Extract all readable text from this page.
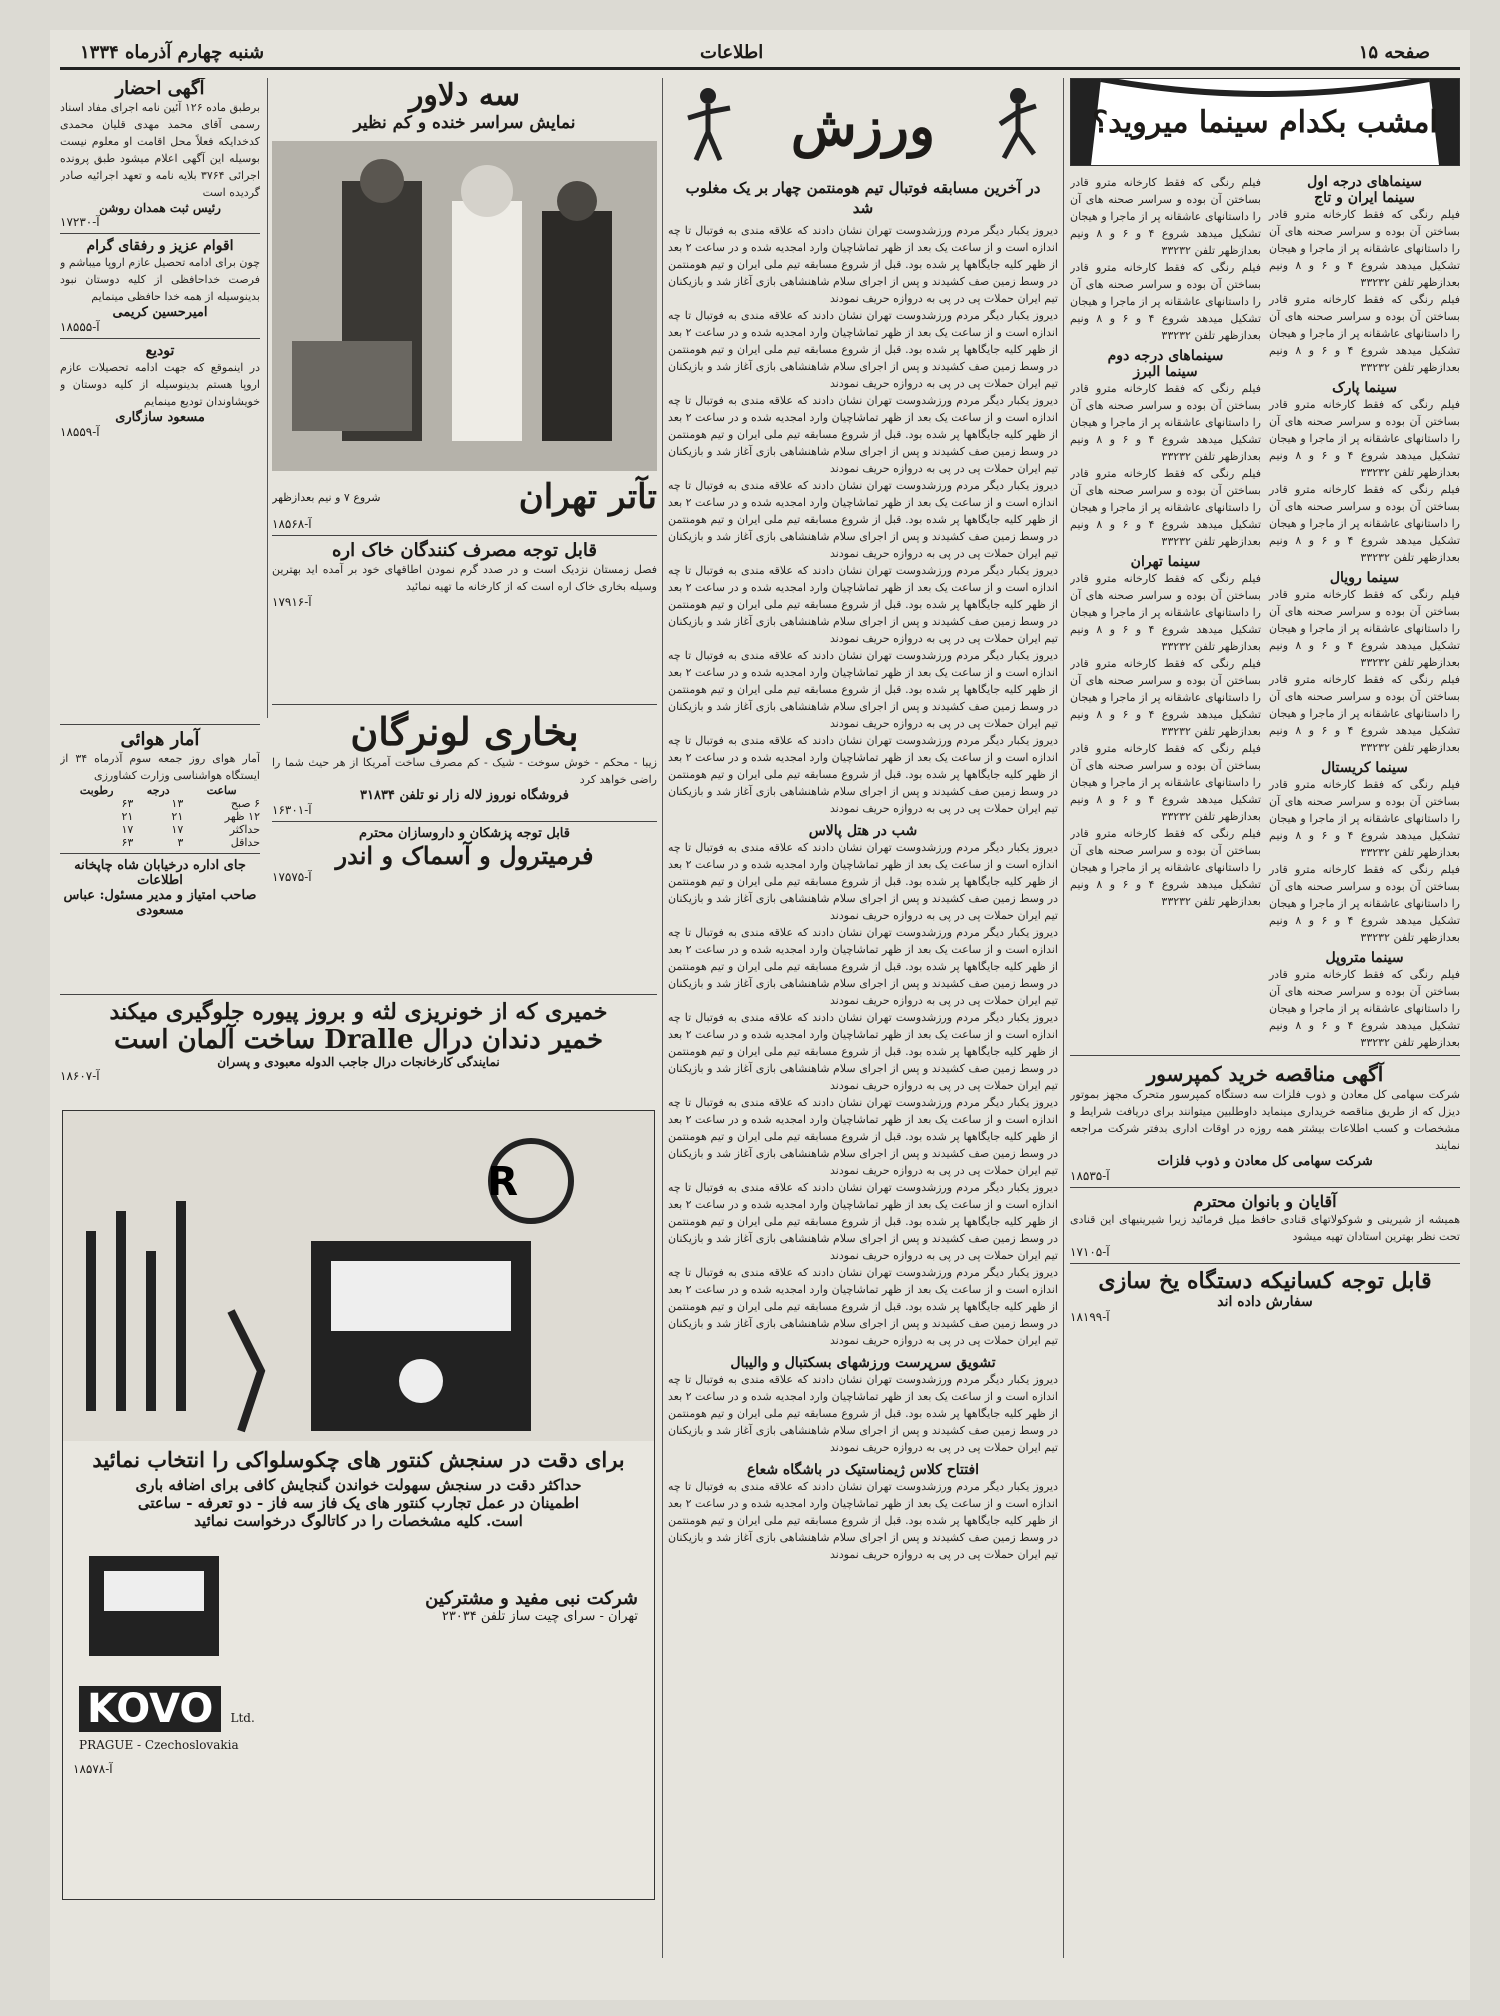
صفحه ۱۵
اطلاعات
شنبه چهارم آذرماه ۱۳۳۴
امشب بکدام سینما میروید؟
سینماهای درجه اول
سینما ایران و تاج

فیلم رنگی که فقط کارخانه مترو قادر بساختن آن بوده و سراسر صحنه های آن را داستانهای عاشقانه پر از ماجرا و هیجان تشکیل میدهد شروع ۴ و ۶ و ۸ ونیم بعدازظهر تلفن ۳۳۲۳۲

فیلم رنگی که فقط کارخانه مترو قادر بساختن آن بوده و سراسر صحنه های آن را داستانهای عاشقانه پر از ماجرا و هیجان تشکیل میدهد شروع ۴ و ۶ و ۸ ونیم بعدازظهر تلفن ۳۳۲۳۲

سینما پارک

فیلم رنگی که فقط کارخانه مترو قادر بساختن آن بوده و سراسر صحنه های آن را داستانهای عاشقانه پر از ماجرا و هیجان تشکیل میدهد شروع ۴ و ۶ و ۸ ونیم بعدازظهر تلفن ۳۳۲۳۲

فیلم رنگی که فقط کارخانه مترو قادر بساختن آن بوده و سراسر صحنه های آن را داستانهای عاشقانه پر از ماجرا و هیجان تشکیل میدهد شروع ۴ و ۶ و ۸ ونیم بعدازظهر تلفن ۳۳۲۳۲

سینما رویال

فیلم رنگی که فقط کارخانه مترو قادر بساختن آن بوده و سراسر صحنه های آن را داستانهای عاشقانه پر از ماجرا و هیجان تشکیل میدهد شروع ۴ و ۶ و ۸ ونیم بعدازظهر تلفن ۳۳۲۳۲

فیلم رنگی که فقط کارخانه مترو قادر بساختن آن بوده و سراسر صحنه های آن را داستانهای عاشقانه پر از ماجرا و هیجان تشکیل میدهد شروع ۴ و ۶ و ۸ ونیم بعدازظهر تلفن ۳۳۲۳۲

سینما کریستال

فیلم رنگی که فقط کارخانه مترو قادر بساختن آن بوده و سراسر صحنه های آن را داستانهای عاشقانه پر از ماجرا و هیجان تشکیل میدهد شروع ۴ و ۶ و ۸ ونیم بعدازظهر تلفن ۳۳۲۳۲

فیلم رنگی که فقط کارخانه مترو قادر بساختن آن بوده و سراسر صحنه های آن را داستانهای عاشقانه پر از ماجرا و هیجان تشکیل میدهد شروع ۴ و ۶ و ۸ ونیم بعدازظهر تلفن ۳۳۲۳۲

سینما متروپل

فیلم رنگی که فقط کارخانه مترو قادر بساختن آن بوده و سراسر صحنه های آن را داستانهای عاشقانه پر از ماجرا و هیجان تشکیل میدهد شروع ۴ و ۶ و ۸ ونیم بعدازظهر تلفن ۳۳۲۳۲

فیلم رنگی که فقط کارخانه مترو قادر بساختن آن بوده و سراسر صحنه های آن را داستانهای عاشقانه پر از ماجرا و هیجان تشکیل میدهد شروع ۴ و ۶ و ۸ ونیم بعدازظهر تلفن ۳۳۲۳۲

فیلم رنگی که فقط کارخانه مترو قادر بساختن آن بوده و سراسر صحنه های آن را داستانهای عاشقانه پر از ماجرا و هیجان تشکیل میدهد شروع ۴ و ۶ و ۸ ونیم بعدازظهر تلفن ۳۳۲۳۲

سینماهای درجه دوم
سینما البرز

فیلم رنگی که فقط کارخانه مترو قادر بساختن آن بوده و سراسر صحنه های آن را داستانهای عاشقانه پر از ماجرا و هیجان تشکیل میدهد شروع ۴ و ۶ و ۸ ونیم بعدازظهر تلفن ۳۳۲۳۲

فیلم رنگی که فقط کارخانه مترو قادر بساختن آن بوده و سراسر صحنه های آن را داستانهای عاشقانه پر از ماجرا و هیجان تشکیل میدهد شروع ۴ و ۶ و ۸ ونیم بعدازظهر تلفن ۳۳۲۳۲

سینما تهران

فیلم رنگی که فقط کارخانه مترو قادر بساختن آن بوده و سراسر صحنه های آن را داستانهای عاشقانه پر از ماجرا و هیجان تشکیل میدهد شروع ۴ و ۶ و ۸ ونیم بعدازظهر تلفن ۳۳۲۳۲

فیلم رنگی که فقط کارخانه مترو قادر بساختن آن بوده و سراسر صحنه های آن را داستانهای عاشقانه پر از ماجرا و هیجان تشکیل میدهد شروع ۴ و ۶ و ۸ ونیم بعدازظهر تلفن ۳۳۲۳۲

فیلم رنگی که فقط کارخانه مترو قادر بساختن آن بوده و سراسر صحنه های آن را داستانهای عاشقانه پر از ماجرا و هیجان تشکیل میدهد شروع ۴ و ۶ و ۸ ونیم بعدازظهر تلفن ۳۳۲۳۲

فیلم رنگی که فقط کارخانه مترو قادر بساختن آن بوده و سراسر صحنه های آن را داستانهای عاشقانه پر از ماجرا و هیجان تشکیل میدهد شروع ۴ و ۶ و ۸ ونیم بعدازظهر تلفن ۳۳۲۳۲

آگهی مناقصه خرید کمپرسور

شرکت سهامی کل معادن و ذوب فلزات سه دستگاه کمپرسور متحرک مجهز بموتور دیزل که از طریق مناقصه خریداری مینماید داوطلبین میتوانند برای دریافت شرایط و مشخصات و کسب اطلاعات بیشتر همه روزه در اوقات اداری بدفتر شرکت مراجعه نمایند

شرکت سهامی کل معادن و ذوب فلزات
آ-۱۸۵۳۵
آقایان و بانوان محترم

همیشه از شیرینی و شوکولاتهای قنادی حافظ میل فرمائید زیرا شیرینیهای این قنادی تحت نظر بهترین استادان تهیه میشود

آ-۱۷۱۰۵
قابل توجه کسانیکه دستگاه یخ سازی
سفارش داده اند
آ-۱۸۱۹۹
ورزش
در آخرین مسابقه فوتبال تیم هومنتمن چهار بر یک مغلوب شد

دیروز یکبار دیگر مردم ورزشدوست تهران نشان دادند که علاقه مندی به فوتبال تا چه اندازه است و از ساعت یک بعد از ظهر تماشاچیان وارد امجدیه شده و در ساعت ۲ بعد از ظهر کلیه جایگاهها پر شده بود. قبل از شروع مسابقه تیم ملی ایران و تیم هومنتمن در وسط زمین صف کشیدند و پس از اجرای سلام شاهنشاهی بازی آغاز شد و بازیکنان تیم ایران حملات پی در پی به دروازه حریف نمودند

دیروز یکبار دیگر مردم ورزشدوست تهران نشان دادند که علاقه مندی به فوتبال تا چه اندازه است و از ساعت یک بعد از ظهر تماشاچیان وارد امجدیه شده و در ساعت ۲ بعد از ظهر کلیه جایگاهها پر شده بود. قبل از شروع مسابقه تیم ملی ایران و تیم هومنتمن در وسط زمین صف کشیدند و پس از اجرای سلام شاهنشاهی بازی آغاز شد و بازیکنان تیم ایران حملات پی در پی به دروازه حریف نمودند

دیروز یکبار دیگر مردم ورزشدوست تهران نشان دادند که علاقه مندی به فوتبال تا چه اندازه است و از ساعت یک بعد از ظهر تماشاچیان وارد امجدیه شده و در ساعت ۲ بعد از ظهر کلیه جایگاهها پر شده بود. قبل از شروع مسابقه تیم ملی ایران و تیم هومنتمن در وسط زمین صف کشیدند و پس از اجرای سلام شاهنشاهی بازی آغاز شد و بازیکنان تیم ایران حملات پی در پی به دروازه حریف نمودند

دیروز یکبار دیگر مردم ورزشدوست تهران نشان دادند که علاقه مندی به فوتبال تا چه اندازه است و از ساعت یک بعد از ظهر تماشاچیان وارد امجدیه شده و در ساعت ۲ بعد از ظهر کلیه جایگاهها پر شده بود. قبل از شروع مسابقه تیم ملی ایران و تیم هومنتمن در وسط زمین صف کشیدند و پس از اجرای سلام شاهنشاهی بازی آغاز شد و بازیکنان تیم ایران حملات پی در پی به دروازه حریف نمودند

دیروز یکبار دیگر مردم ورزشدوست تهران نشان دادند که علاقه مندی به فوتبال تا چه اندازه است و از ساعت یک بعد از ظهر تماشاچیان وارد امجدیه شده و در ساعت ۲ بعد از ظهر کلیه جایگاهها پر شده بود. قبل از شروع مسابقه تیم ملی ایران و تیم هومنتمن در وسط زمین صف کشیدند و پس از اجرای سلام شاهنشاهی بازی آغاز شد و بازیکنان تیم ایران حملات پی در پی به دروازه حریف نمودند

دیروز یکبار دیگر مردم ورزشدوست تهران نشان دادند که علاقه مندی به فوتبال تا چه اندازه است و از ساعت یک بعد از ظهر تماشاچیان وارد امجدیه شده و در ساعت ۲ بعد از ظهر کلیه جایگاهها پر شده بود. قبل از شروع مسابقه تیم ملی ایران و تیم هومنتمن در وسط زمین صف کشیدند و پس از اجرای سلام شاهنشاهی بازی آغاز شد و بازیکنان تیم ایران حملات پی در پی به دروازه حریف نمودند

دیروز یکبار دیگر مردم ورزشدوست تهران نشان دادند که علاقه مندی به فوتبال تا چه اندازه است و از ساعت یک بعد از ظهر تماشاچیان وارد امجدیه شده و در ساعت ۲ بعد از ظهر کلیه جایگاهها پر شده بود. قبل از شروع مسابقه تیم ملی ایران و تیم هومنتمن در وسط زمین صف کشیدند و پس از اجرای سلام شاهنشاهی بازی آغاز شد و بازیکنان تیم ایران حملات پی در پی به دروازه حریف نمودند

شب در هتل پالاس

دیروز یکبار دیگر مردم ورزشدوست تهران نشان دادند که علاقه مندی به فوتبال تا چه اندازه است و از ساعت یک بعد از ظهر تماشاچیان وارد امجدیه شده و در ساعت ۲ بعد از ظهر کلیه جایگاهها پر شده بود. قبل از شروع مسابقه تیم ملی ایران و تیم هومنتمن در وسط زمین صف کشیدند و پس از اجرای سلام شاهنشاهی بازی آغاز شد و بازیکنان تیم ایران حملات پی در پی به دروازه حریف نمودند

دیروز یکبار دیگر مردم ورزشدوست تهران نشان دادند که علاقه مندی به فوتبال تا چه اندازه است و از ساعت یک بعد از ظهر تماشاچیان وارد امجدیه شده و در ساعت ۲ بعد از ظهر کلیه جایگاهها پر شده بود. قبل از شروع مسابقه تیم ملی ایران و تیم هومنتمن در وسط زمین صف کشیدند و پس از اجرای سلام شاهنشاهی بازی آغاز شد و بازیکنان تیم ایران حملات پی در پی به دروازه حریف نمودند

دیروز یکبار دیگر مردم ورزشدوست تهران نشان دادند که علاقه مندی به فوتبال تا چه اندازه است و از ساعت یک بعد از ظهر تماشاچیان وارد امجدیه شده و در ساعت ۲ بعد از ظهر کلیه جایگاهها پر شده بود. قبل از شروع مسابقه تیم ملی ایران و تیم هومنتمن در وسط زمین صف کشیدند و پس از اجرای سلام شاهنشاهی بازی آغاز شد و بازیکنان تیم ایران حملات پی در پی به دروازه حریف نمودند

دیروز یکبار دیگر مردم ورزشدوست تهران نشان دادند که علاقه مندی به فوتبال تا چه اندازه است و از ساعت یک بعد از ظهر تماشاچیان وارد امجدیه شده و در ساعت ۲ بعد از ظهر کلیه جایگاهها پر شده بود. قبل از شروع مسابقه تیم ملی ایران و تیم هومنتمن در وسط زمین صف کشیدند و پس از اجرای سلام شاهنشاهی بازی آغاز شد و بازیکنان تیم ایران حملات پی در پی به دروازه حریف نمودند

دیروز یکبار دیگر مردم ورزشدوست تهران نشان دادند که علاقه مندی به فوتبال تا چه اندازه است و از ساعت یک بعد از ظهر تماشاچیان وارد امجدیه شده و در ساعت ۲ بعد از ظهر کلیه جایگاهها پر شده بود. قبل از شروع مسابقه تیم ملی ایران و تیم هومنتمن در وسط زمین صف کشیدند و پس از اجرای سلام شاهنشاهی بازی آغاز شد و بازیکنان تیم ایران حملات پی در پی به دروازه حریف نمودند

دیروز یکبار دیگر مردم ورزشدوست تهران نشان دادند که علاقه مندی به فوتبال تا چه اندازه است و از ساعت یک بعد از ظهر تماشاچیان وارد امجدیه شده و در ساعت ۲ بعد از ظهر کلیه جایگاهها پر شده بود. قبل از شروع مسابقه تیم ملی ایران و تیم هومنتمن در وسط زمین صف کشیدند و پس از اجرای سلام شاهنشاهی بازی آغاز شد و بازیکنان تیم ایران حملات پی در پی به دروازه حریف نمودند

تشویق سرپرست ورزشهای بسکتبال و والیبال

دیروز یکبار دیگر مردم ورزشدوست تهران نشان دادند که علاقه مندی به فوتبال تا چه اندازه است و از ساعت یک بعد از ظهر تماشاچیان وارد امجدیه شده و در ساعت ۲ بعد از ظهر کلیه جایگاهها پر شده بود. قبل از شروع مسابقه تیم ملی ایران و تیم هومنتمن در وسط زمین صف کشیدند و پس از اجرای سلام شاهنشاهی بازی آغاز شد و بازیکنان تیم ایران حملات پی در پی به دروازه حریف نمودند

افتتاح کلاس ژیمناستیک در باشگاه شعاع

دیروز یکبار دیگر مردم ورزشدوست تهران نشان دادند که علاقه مندی به فوتبال تا چه اندازه است و از ساعت یک بعد از ظهر تماشاچیان وارد امجدیه شده و در ساعت ۲ بعد از ظهر کلیه جایگاهها پر شده بود. قبل از شروع مسابقه تیم ملی ایران و تیم هومنتمن در وسط زمین صف کشیدند و پس از اجرای سلام شاهنشاهی بازی آغاز شد و بازیکنان تیم ایران حملات پی در پی به دروازه حریف نمودند

سه دلاور
نمایش سراسر خنده و کم نظیر
تآتر تهران
شروع ۷ و نیم بعدازظهر
آ-۱۸۵۶۸
قابل توجه مصرف کنندگان خاک اره

فصل زمستان نزدیک است و در صدد گرم نمودن اطاقهای خود بر آمده اید بهترین وسیله بخاری خاک اره است که از کارخانه ما تهیه نمائید

آ-۱۷۹۱۶
آگهی احضار

برطبق ماده ۱۲۶ آئین نامه اجرای مفاد اسناد رسمی آقای محمد مهدی قلیان محمدی کدخدایکه فعلاً محل اقامت او معلوم نیست بوسیله این آگهی اعلام میشود طبق پرونده اجرائی ۳۷۶۴ بلایه نامه و تعهد اجرائیه صادر گردیده است

رئیس ثبت همدان روشن
آ-۱۷۲۳۰
اقوام عزیز و رفقای گرام

چون برای ادامه تحصیل عازم اروپا میباشم و فرصت خداحافظی از کلیه دوستان نبود بدینوسیله از همه خدا حافظی مینمایم

امیرحسین کریمی
آ-۱۸۵۵۵
تودیع

در اینموقع که جهت ادامه تحصیلات عازم اروپا هستم بدینوسیله از کلیه دوستان و خویشاوندان تودیع مینمایم

مسعود سازگاری
آ-۱۸۵۵۹
آمار هوائی

آمار هوای روز جمعه سوم آذرماه ۳۴ از ایستگاه هواشناسی وزارت کشاورزی

ساعت	درجه	رطوبت
۶ صبح	۱۳	۶۳
۱۲ ظهر	۲۱	۲۱
حداکثر	۱۷	۱۷
حداقل	۳	۶۳
جای اداره درخیابان شاه چاپخانه اطلاعات
صاحب امتیاز و مدیر مسئول: عباس مسعودی
بخاری لونرگان

زیبا - محکم - خوش سوخت - شیک - کم مصرف ساخت آمریکا از هر حیث شما را راضی خواهد کرد

فروشگاه نوروز لاله زار نو تلفن ۳۱۸۳۴
آ-۱۶۳۰۱
قابل توجه پزشکان و داروسازان محترم
فرمیترول و آسماک و اندر
آ-۱۷۵۷۵
خمیری که از خونریزی لثه و بروز پیوره جلوگیری میکند
خمیر دندان درال Dralle ساخت آلمان است
نمایندگی کارخانجات درال جاجب الدوله معبودی و پسران
آ-۱۸۶۰۷
R
برای دقت در سنجش کنتور های چکوسلواکی را انتخاب نمائید
حداکثر دقت در سنجش سهولت خواندن گنجایش کافی برای اضافه باری
اطمینان در عمل تجارب کنتور های یک فاز سه فاز - دو تعرفه - ساعتی
است. کلیه مشخصات را در کاتالوگ درخواست نمائید
شرکت نبی مفید و مشترکین
تهران - سرای چیت ساز تلفن ۲۳۰۳۴
KOVO Ltd.
PRAGUE - Czechoslovakia
آ-۱۸۵۷۸
